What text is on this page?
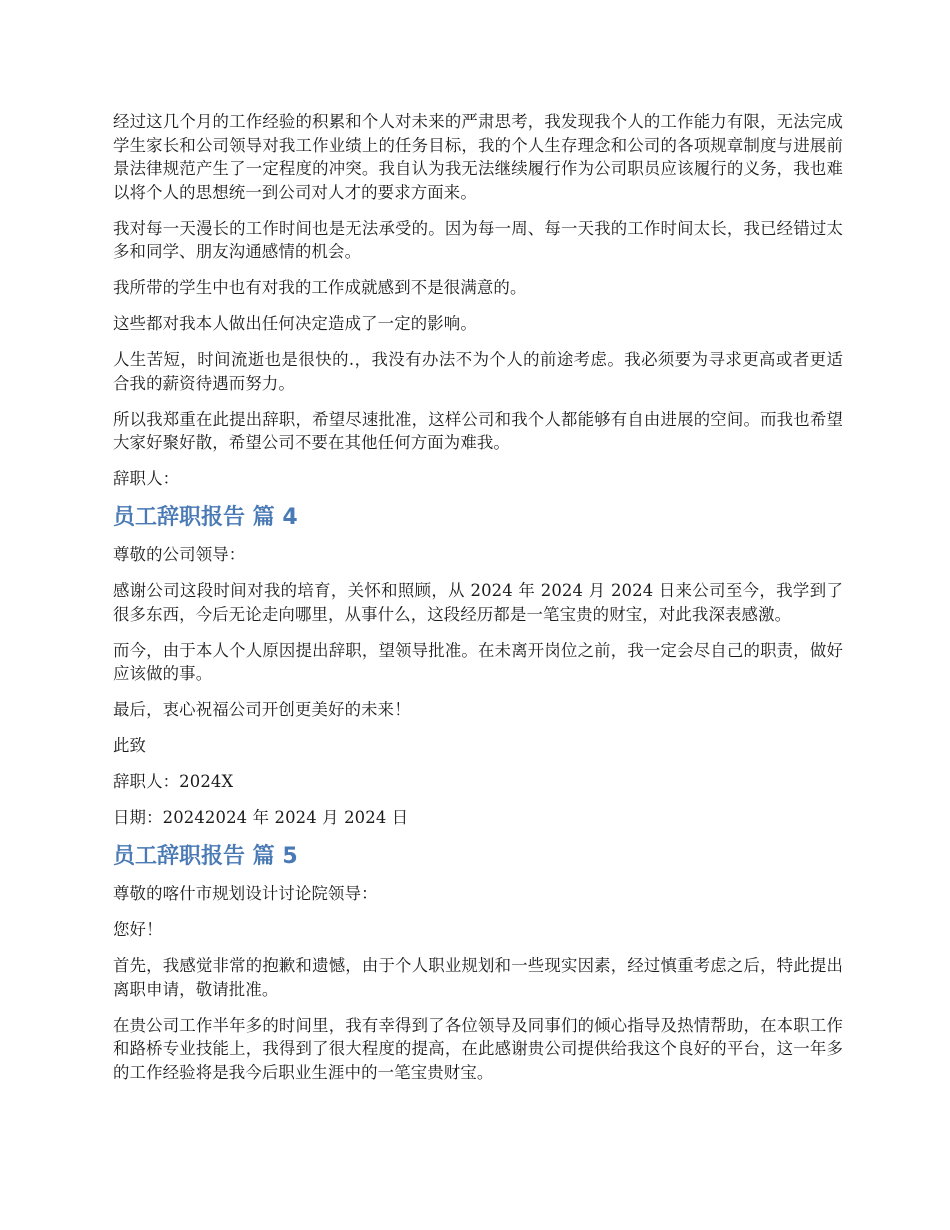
经过这几个月的工作经验的积累和个人对未来的严肃思考，我发现我个人的工作能力有限，无法完成学生家长和公司领导对我工作业绩上的任务目标，我的个人生存理念和公司的各项规章制度与进展前景法律规范产生了一定程度的冲突。我自认为我无法继续履行作为公司职员应该履行的义务，我也难以将个人的思想统一到公司对人才的要求方面来。

我对每一天漫长的工作时间也是无法承受的。因为每一周、每一天我的工作时间太长，我已经错过太多和同学、朋友沟通感情的机会。

我所带的学生中也有对我的工作成就感到不是很满意的。

这些都对我本人做出任何决定造成了一定的影响。

人生苦短，时间流逝也是很快的.，我没有办法不为个人的前途考虑。我必须要为寻求更高或者更适合我的薪资待遇而努力。

所以我郑重在此提出辞职，希望尽速批准，这样公司和我个人都能够有自由进展的空间。而我也希望大家好聚好散，希望公司不要在其他任何方面为难我。

辞职人：

员工辞职报告 篇 4

尊敬的公司领导：

感谢公司这段时间对我的培育，关怀和照顾，从 2024 年 2024 月 2024 日来公司至今，我学到了很多东西，今后无论走向哪里，从事什么，这段经历都是一笔宝贵的财宝，对此我深表感激。

而今，由于本人个人原因提出辞职，望领导批准。在未离开岗位之前，我一定会尽自己的职责，做好应该做的事。

最后，衷心祝福公司开创更美好的未来！

此致

辞职人：2024X

日期：20242024 年 2024 月 2024 日

员工辞职报告 篇 5

尊敬的喀什市规划设计讨论院领导：

您好！

首先，我感觉非常的抱歉和遗憾，由于个人职业规划和一些现实因素，经过慎重考虑之后，特此提出离职申请，敬请批准。

在贵公司工作半年多的时间里，我有幸得到了各位领导及同事们的倾心指导及热情帮助，在本职工作和路桥专业技能上，我得到了很大程度的提高，在此感谢贵公司提供给我这个良好的平台，这一年多的工作经验将是我今后职业生涯中的一笔宝贵财宝。
